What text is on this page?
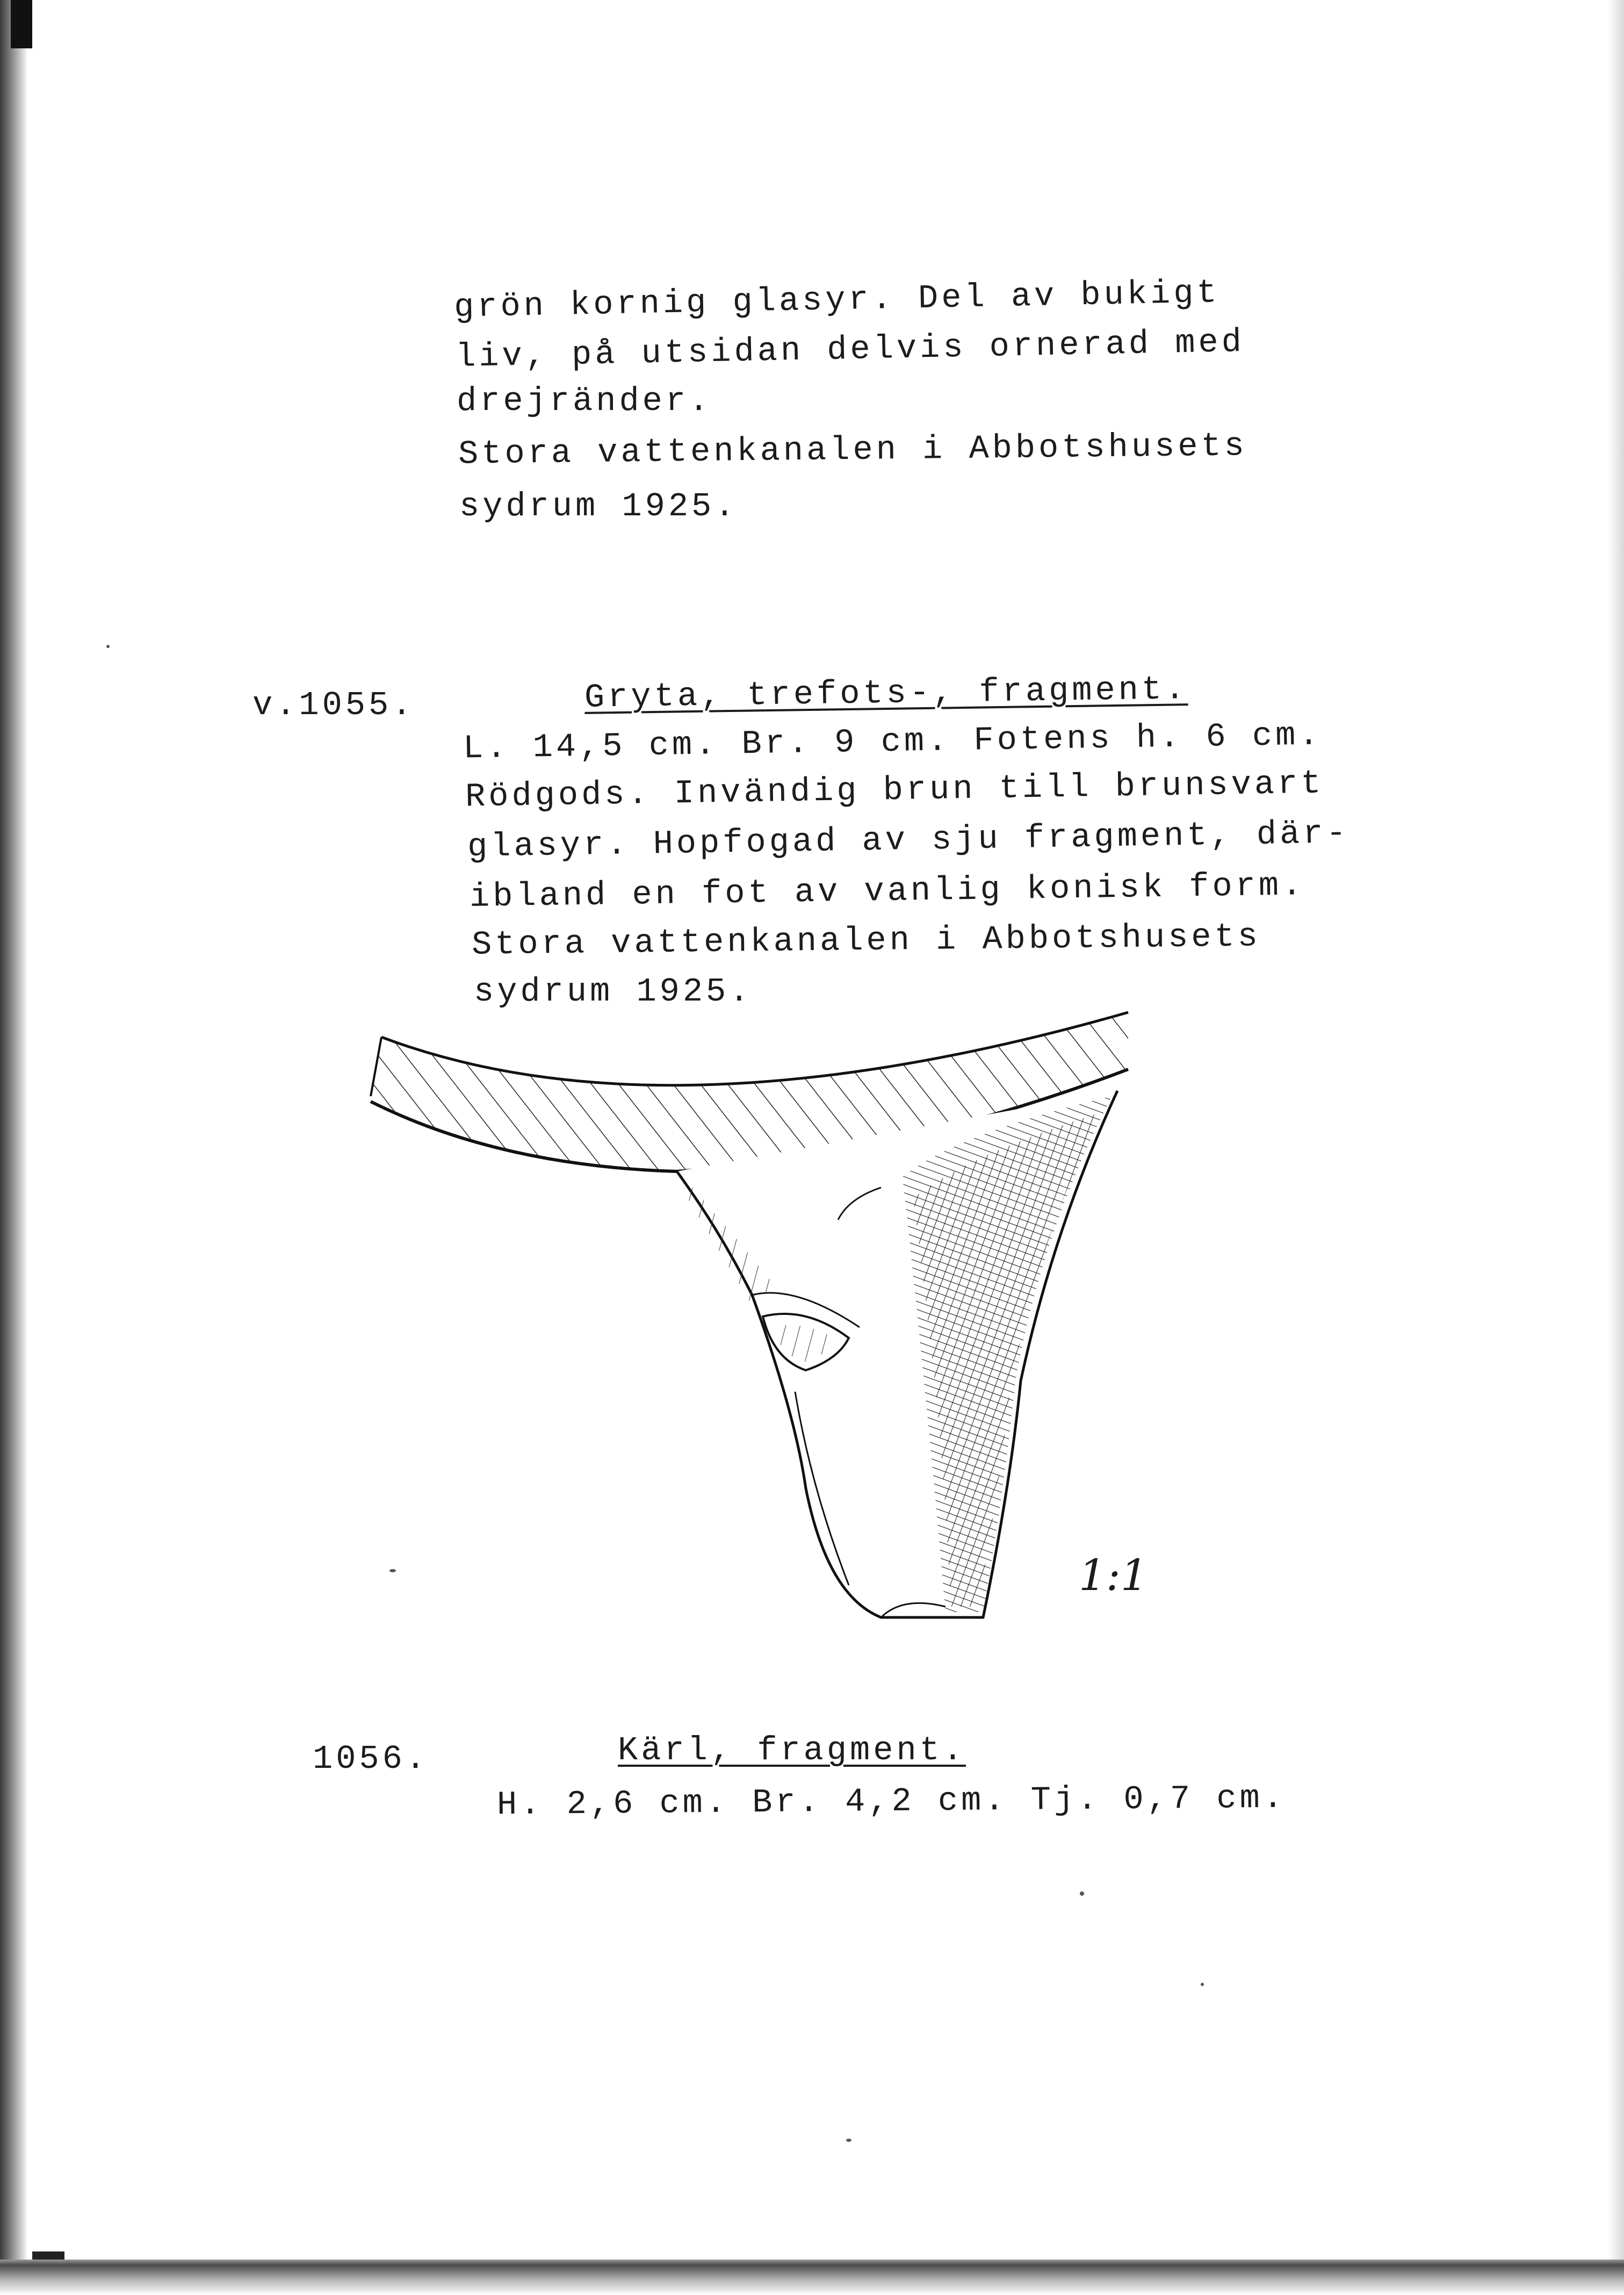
grön kornig glasyr. Del av bukigt
liv, på utsidan delvis ornerad med
drejränder.
Stora vattenkanalen i Abbotshusets
sydrum 1925.
v.1055.	Gryta, trefots-, fragment.
L. 14,5 cm. Br. 9 cm. Fotens h. 6 cm.
Rödgods. Invändig brun till brunsvart
glasyr. Hopfogad av sju fragment, där-
ibland en fot av vanlig konisk form.
Stora vattenkanalen i Abbotshusets
sydrum 1925.
1:1
1056.	Kärl, fragment.
H. 2,6 cm. Br. 4,2 cm. Tj. 0,7 cm.
